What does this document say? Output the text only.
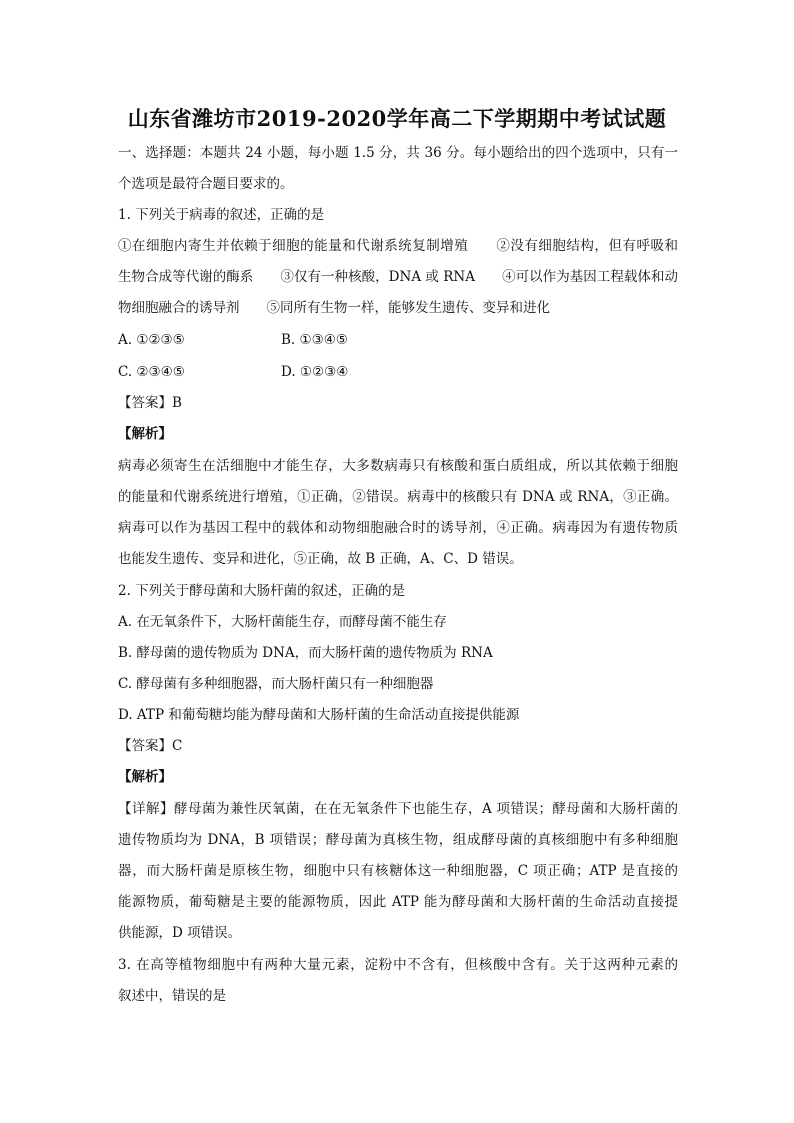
山东省潍坊市2019-2020学年高二下学期期中考试试题
一、选择题：本题共 24 小题，每小题 1.5 分，共 36 分。每小题给出的四个选项中，只有一
个选项是最符合题目要求的。
1. 下列关于病毒的叙述，正确的是
①在细胞内寄生并依赖于细胞的能量和代谢系统复制增殖　　②没有细胞结构，但有呼吸和
生物合成等代谢的酶系　　③仅有一种核酸，DNA 或 RNA　　④可以作为基因工程载体和动
物细胞融合的诱导剂　　⑤同所有生物一样，能够发生遗传、变异和进化
A. ①②③⑤	B. ①③④⑤
C. ②③④⑤	D. ①②③④
【答案】B
【解析】
病毒必须寄生在活细胞中才能生存，大多数病毒只有核酸和蛋白质组成，所以其依赖于细胞
的能量和代谢系统进行增殖，①正确，②错误。病毒中的核酸只有 DNA 或 RNA，③正确。
病毒可以作为基因工程中的载体和动物细胞融合时的诱导剂，④正确。病毒因为有遗传物质
也能发生遗传、变异和进化，⑤正确，故 B 正确，A、C、D 错误。
2. 下列关于酵母菌和大肠杆菌的叙述，正确的是
A. 在无氧条件下，大肠杆菌能生存，而酵母菌不能生存
B. 酵母菌的遗传物质为 DNA，而大肠杆菌的遗传物质为 RNA
C. 酵母菌有多种细胞器，而大肠杆菌只有一种细胞器
D. ATP 和葡萄糖均能为酵母菌和大肠杆菌的生命活动直接提供能源
【答案】C
【解析】
【详解】酵母菌为兼性厌氧菌，在在无氧条件下也能生存，A 项错误；酵母菌和大肠杆菌的
遗传物质均为 DNA，B 项错误；酵母菌为真核生物，组成酵母菌的真核细胞中有多种细胞
器，而大肠杆菌是原核生物，细胞中只有核糖体这一种细胞器，C 项正确；ATP 是直接的
能源物质，葡萄糖是主要的能源物质，因此 ATP 能为酵母菌和大肠杆菌的生命活动直接提
供能源，D 项错误。
3. 在高等植物细胞中有两种大量元素，淀粉中不含有，但核酸中含有。关于这两种元素的
叙述中，错误的是
